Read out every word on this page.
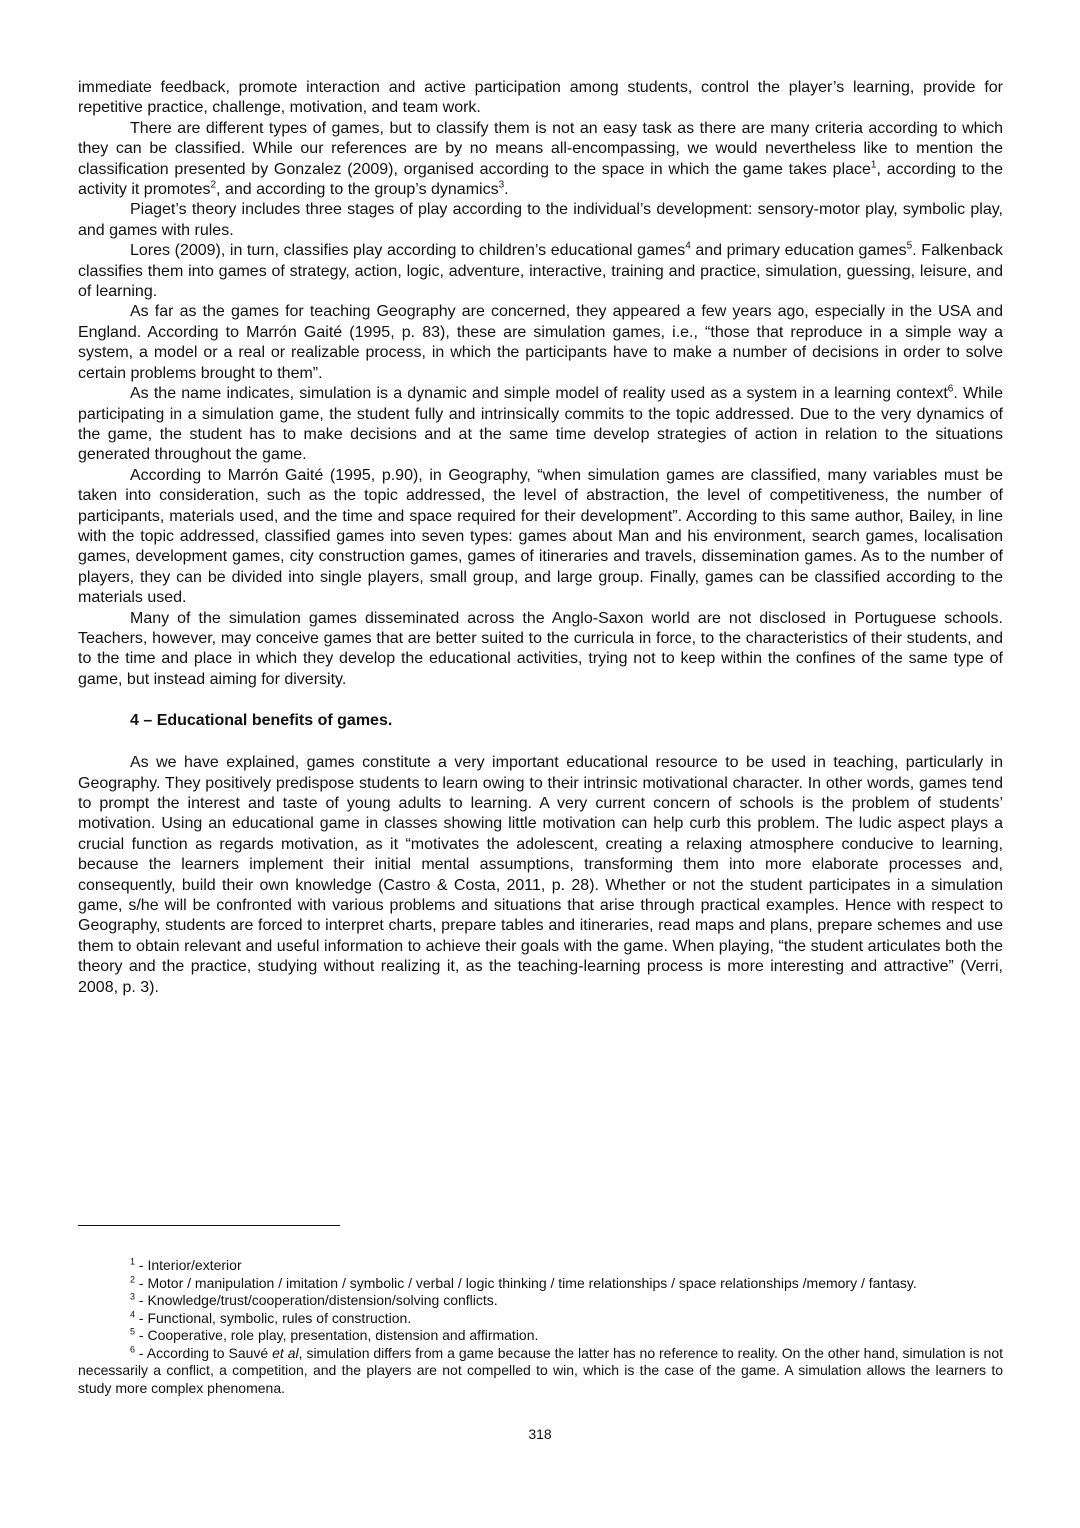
immediate feedback, promote interaction and active participation among students, control the player’s learning, provide for repetitive practice, challenge, motivation, and team work.

There are different types of games, but to classify them is not an easy task as there are many criteria according to which they can be classified. While our references are by no means all-encompassing, we would nevertheless like to mention the classification presented by Gonzalez (2009), organised according to the space in which the game takes place$^1$, according to the activity it promotes$^2$, and according to the group’s dynamics$^3$.

Piaget’s theory includes three stages of play according to the individual’s development: sensory-motor play, symbolic play, and games with rules.

Lores (2009), in turn, classifies play according to children’s educational games$^4$ and primary education games$^5$. Falkenback classifies them into games of strategy, action, logic, adventure, interactive, training and practice, simulation, guessing, leisure, and of learning.

As far as the games for teaching Geography are concerned, they appeared a few years ago, especially in the USA and England. According to Marrón Gaité (1995, p. 83), these are simulation games, i.e., “those that reproduce in a simple way a system, a model or a real or realizable process, in which the participants have to make a number of decisions in order to solve certain problems brought to them”.

As the name indicates, simulation is a dynamic and simple model of reality used as a system in a learning context$^6$. While participating in a simulation game, the student fully and intrinsically commits to the topic addressed. Due to the very dynamics of the game, the student has to make decisions and at the same time develop strategies of action in relation to the situations generated throughout the game.

According to Marrón Gaité (1995, p.90), in Geography, “when simulation games are classified, many variables must be taken into consideration, such as the topic addressed, the level of abstraction, the level of competitiveness, the number of participants, materials used, and the time and space required for their development”. According to this same author, Bailey, in line with the topic addressed, classified games into seven types: games about Man and his environment, search games, localisation games, development games, city construction games, games of itineraries and travels, dissemination games. As to the number of players, they can be divided into single players, small group, and large group. Finally, games can be classified according to the materials used.

Many of the simulation games disseminated across the Anglo-Saxon world are not disclosed in Portuguese schools. Teachers, however, may conceive games that are better suited to the curricula in force, to the characteristics of their students, and to the time and place in which they develop the educational activities, trying not to keep within the confines of the same type of game, but instead aiming for diversity.

4 – Educational benefits of games.

As we have explained, games constitute a very important educational resource to be used in teaching, particularly in Geography. They positively predispose students to learn owing to their intrinsic motivational character. In other words, games tend to prompt the interest and taste of young adults to learning. A very current concern of schools is the problem of students’ motivation. Using an educational game in classes showing little motivation can help curb this problem. The ludic aspect plays a crucial function as regards motivation, as it “motivates the adolescent, creating a relaxing atmosphere conducive to learning, because the learners implement their initial mental assumptions, transforming them into more elaborate processes and, consequently, build their own knowledge (Castro & Costa, 2011, p. 28). Whether or not the student participates in a simulation game, s/he will be confronted with various problems and situations that arise through practical examples. Hence with respect to Geography, students are forced to interpret charts, prepare tables and itineraries, read maps and plans, prepare schemes and use them to obtain relevant and useful information to achieve their goals with the game. When playing, “the student articulates both the theory and the practice, studying without realizing it, as the teaching-learning process is more interesting and attractive” (Verri, 2008, p. 3).

$^1$ - Interior/exterior

$^2$ - Motor / manipulation / imitation / symbolic / verbal / logic thinking / time relationships / space relationships /memory / fantasy.

$^3$ - Knowledge/trust/cooperation/distension/solving conflicts.

$^4$ - Functional, symbolic, rules of construction.

$^5$ - Cooperative, role play, presentation, distension and affirmation.

$^6$ - According to Sauvé et al, simulation differs from a game because the latter has no reference to reality. On the other hand, simulation is not necessarily a conflict, a competition, and the players are not compelled to win, which is the case of the game. A simulation allows the learners to study more complex phenomena.

318
